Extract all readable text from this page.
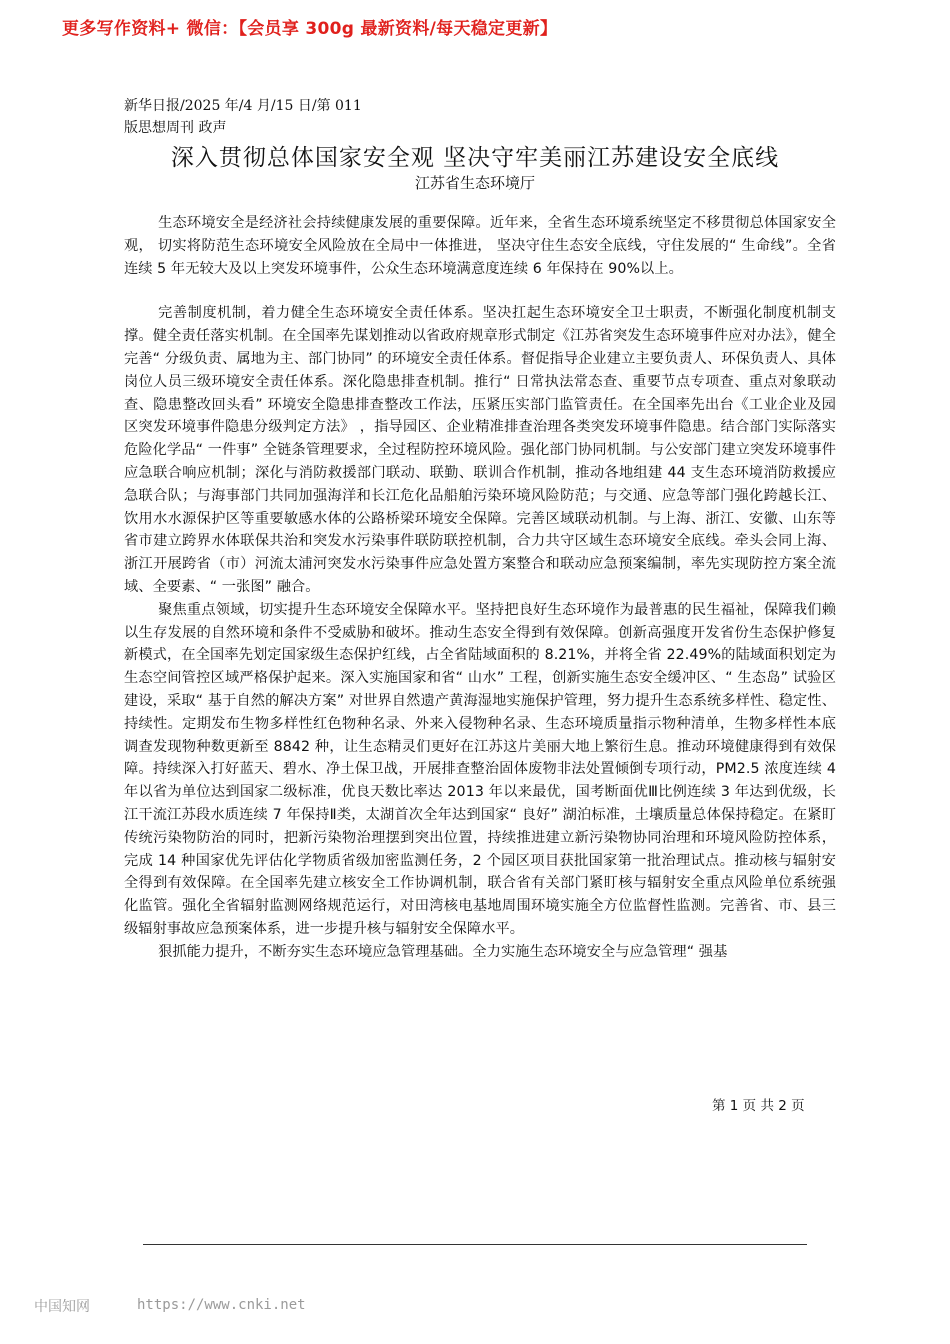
更多写作资料+ 微信：【会员享 300g 最新资料/每天稳定更新】
新华日报/2025 年/4 月/15 日/第 011
版思想周刊 政声
深入贯彻总体国家安全观 坚决守牢美丽江苏建设安全底线
江苏省生态环境厅

生态环境安全是经济社会持续健康发展的重要保障。近年来，全省生态环境系统坚定不移贯彻总体国家安全观， 切实将防范生态环境安全风险放在全局中一体推进， 坚决守住生态安全底线，守住发展的“ 生命线”。全省连续 5 年无较大及以上突发环境事件，公众生态环境满意度连续 6 年保持在 90%以上。

完善制度机制，着力健全生态环境安全责任体系。坚决扛起生态环境安全卫士职责，不断强化制度机制支撑。健全责任落实机制。在全国率先谋划推动以省政府规章形式制定《江苏省突发生态环境事件应对办法》，健全完善“ 分级负责、属地为主、部门协同” 的环境安全责任体系。督促指导企业建立主要负责人、环保负责人、具体岗位人员三级环境安全责任体系。深化隐患排查机制。推行“ 日常执法常态查、重要节点专项查、重点对象联动查、隐患整改回头看” 环境安全隐患排查整改工作法，压紧压实部门监管责任。在全国率先出台《工业企业及园区突发环境事件隐患分级判定方法》 ，指导园区、企业精准排查治理各类突发环境事件隐患。结合部门实际落实危险化学品“ 一件事” 全链条管理要求，全过程防控环境风险。强化部门协同机制。与公安部门建立突发环境事件应急联合响应机制；深化与消防救援部门联动、联勤、联训合作机制，推动各地组建 44 支生态环境消防救援应急联合队；与海事部门共同加强海洋和长江危化品船舶污染环境风险防范；与交通、应急等部门强化跨越长江、饮用水水源保护区等重要敏感水体的公路桥梁环境安全保障。完善区域联动机制。与上海、浙江、安徽、山东等省市建立跨界水体联保共治和突发水污染事件联防联控机制，合力共守区域生态环境安全底线。牵头会同上海、浙江开展跨省（市）河流太浦河突发水污染事件应急处置方案整合和联动应急预案编制，率先实现防控方案全流域、全要素、“ 一张图” 融合。

聚焦重点领域，切实提升生态环境安全保障水平。坚持把良好生态环境作为最普惠的民生福祉，保障我们赖以生存发展的自然环境和条件不受威胁和破坏。推动生态安全得到有效保障。创新高强度开发省份生态保护修复新模式，在全国率先划定国家级生态保护红线，占全省陆域面积的 8.21%，并将全省 22.49%的陆域面积划定为生态空间管控区域严格保护起来。深入实施国家和省“ 山水” 工程，创新实施生态安全缓冲区、“ 生态岛” 试验区建设，采取“ 基于自然的解决方案” 对世界自然遗产黄海湿地实施保护管理，努力提升生态系统多样性、稳定性、持续性。定期发布生物多样性红色物种名录、外来入侵物种名录、生态环境质量指示物种清单，生物多样性本底调查发现物种数更新至 8842 种，让生态精灵们更好在江苏这片美丽大地上繁衍生息。推动环境健康得到有效保障。持续深入打好蓝天、碧水、净土保卫战，开展排查整治固体废物非法处置倾倒专项行动，PM2.5 浓度连续 4 年以省为单位达到国家二级标准，优良天数比率达 2013 年以来最优，国考断面优Ⅲ比例连续 3 年达到优级，长江干流江苏段水质连续 7 年保持Ⅱ类，太湖首次全年达到国家“ 良好” 湖泊标准，土壤质量总体保持稳定。在紧盯传统污染物防治的同时，把新污染物治理摆到突出位置，持续推进建立新污染物协同治理和环境风险防控体系，完成 14 种国家优先评估化学物质省级加密监测任务，2 个园区项目获批国家第一批治理试点。推动核与辐射安全得到有效保障。在全国率先建立核安全工作协调机制，联合省有关部门紧盯核与辐射安全重点风险单位系统强化监管。强化全省辐射监测网络规范运行，对田湾核电基地周围环境实施全方位监督性监测。完善省、市、县三级辐射事故应急预案体系，进一步提升核与辐射安全保障水平。

狠抓能力提升，不断夯实生态环境应急管理基础。全力实施生态环境安全与应急管理“ 强基

第 1 页 共 2 页
中国知网	https://www.cnki.net
